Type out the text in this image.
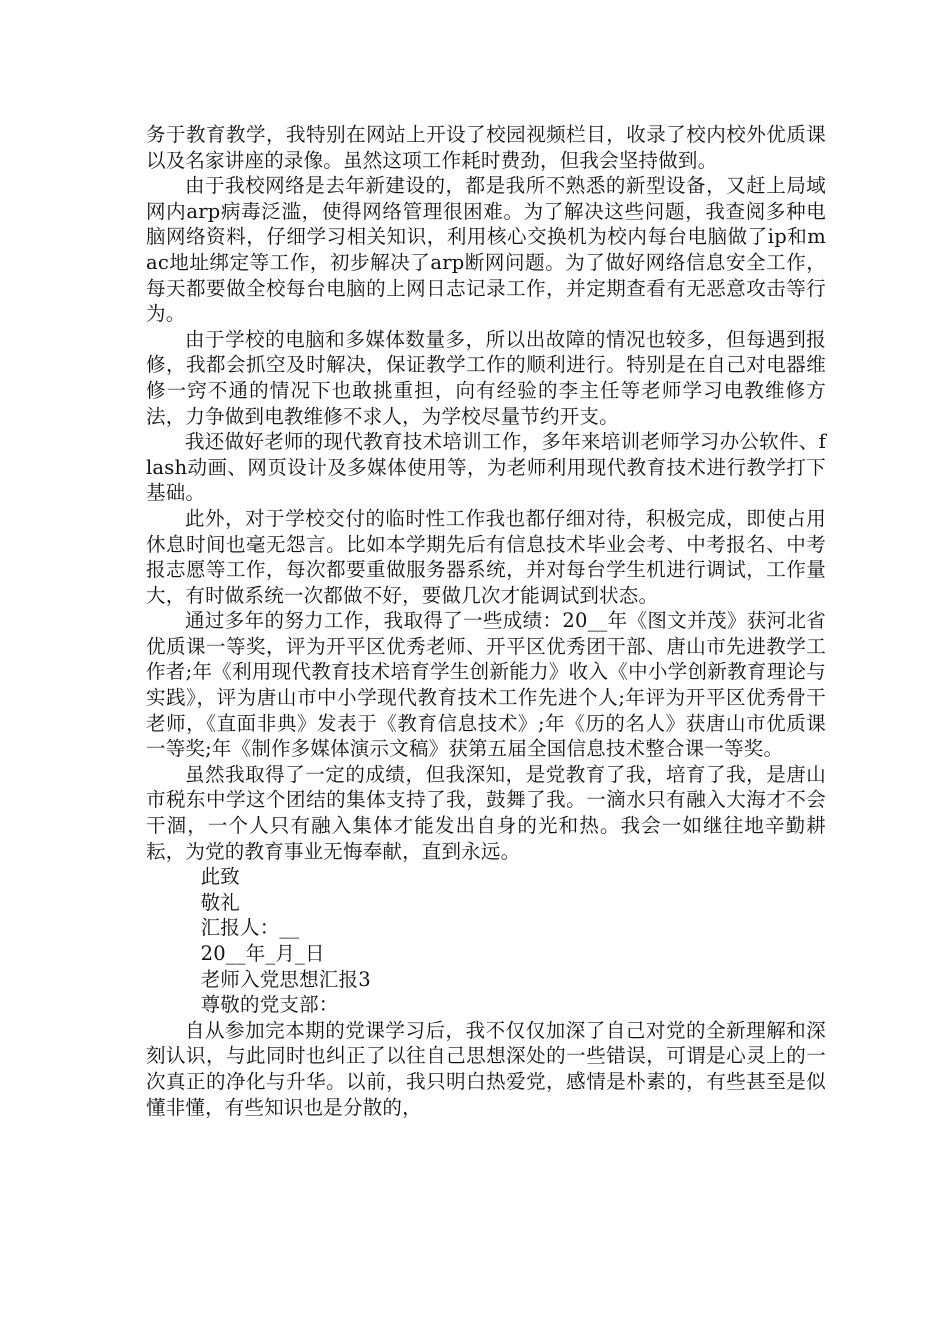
务于教育教学，我特别在网站上开设了校园视频栏目，收录了校内校外优质课以及名家讲座的录像。虽然这项工作耗时费劲，但我会坚持做到。

由于我校网络是去年新建设的，都是我所不熟悉的新型设备，又赶上局域网内arp病毒泛滥，使得网络管理很困难。为了解决这些问题，我查阅多种电脑网络资料，仔细学习相关知识，利用核心交换机为校内每台电脑做了ip和mac地址绑定等工作，初步解决了arp断网问题。为了做好网络信息安全工作，每天都要做全校每台电脑的上网日志记录工作，并定期查看有无恶意攻击等行为。

由于学校的电脑和多媒体数量多，所以出故障的情况也较多，但每遇到报修，我都会抓空及时解决，保证教学工作的顺利进行。特别是在自己对电器维修一窍不通的情况下也敢挑重担，向有经验的李主任等老师学习电教维修方法，力争做到电教维修不求人，为学校尽量节约开支。

我还做好老师的现代教育技术培训工作，多年来培训老师学习办公软件、flash动画、网页设计及多媒体使用等，为老师利用现代教育技术进行教学打下基础。

此外，对于学校交付的临时性工作我也都仔细对待，积极完成，即使占用休息时间也毫无怨言。比如本学期先后有信息技术毕业会考、中考报名、中考报志愿等工作，每次都要重做服务器系统，并对每台学生机进行调试，工作量大，有时做系统一次都做不好，要做几次才能调试到状态。

通过多年的努力工作，我取得了一些成绩：20__年《图文并茂》获河北省优质课一等奖，评为开平区优秀老师、开平区优秀团干部、唐山市先进教学工作者;年《利用现代教育技术培育学生创新能力》收入《中小学创新教育理论与实践》，评为唐山市中小学现代教育技术工作先进个人;年评为开平区优秀骨干老师，《直面非典》发表于《教育信息技术》;年《历的名人》获唐山市优质课一等奖;年《制作多媒体演示文稿》获第五届全国信息技术整合课一等奖。

虽然我取得了一定的成绩，但我深知，是党教育了我，培育了我，是唐山市税东中学这个团结的集体支持了我，鼓舞了我。一滴水只有融入大海才不会干涸，一个人只有融入集体才能发出自身的光和热。我会一如继往地辛勤耕耘，为党的教育事业无悔奉献，直到永远。

此致

敬礼

汇报人：__

20__年_月_日

老师入党思想汇报3

尊敬的党支部：

自从参加完本期的党课学习后，我不仅仅加深了自己对党的全新理解和深刻认识，与此同时也纠正了以往自己思想深处的一些错误，可谓是心灵上的一次真正的净化与升华。以前，我只明白热爱党，感情是朴素的，有些甚至是似懂非懂，有些知识也是分散的，
